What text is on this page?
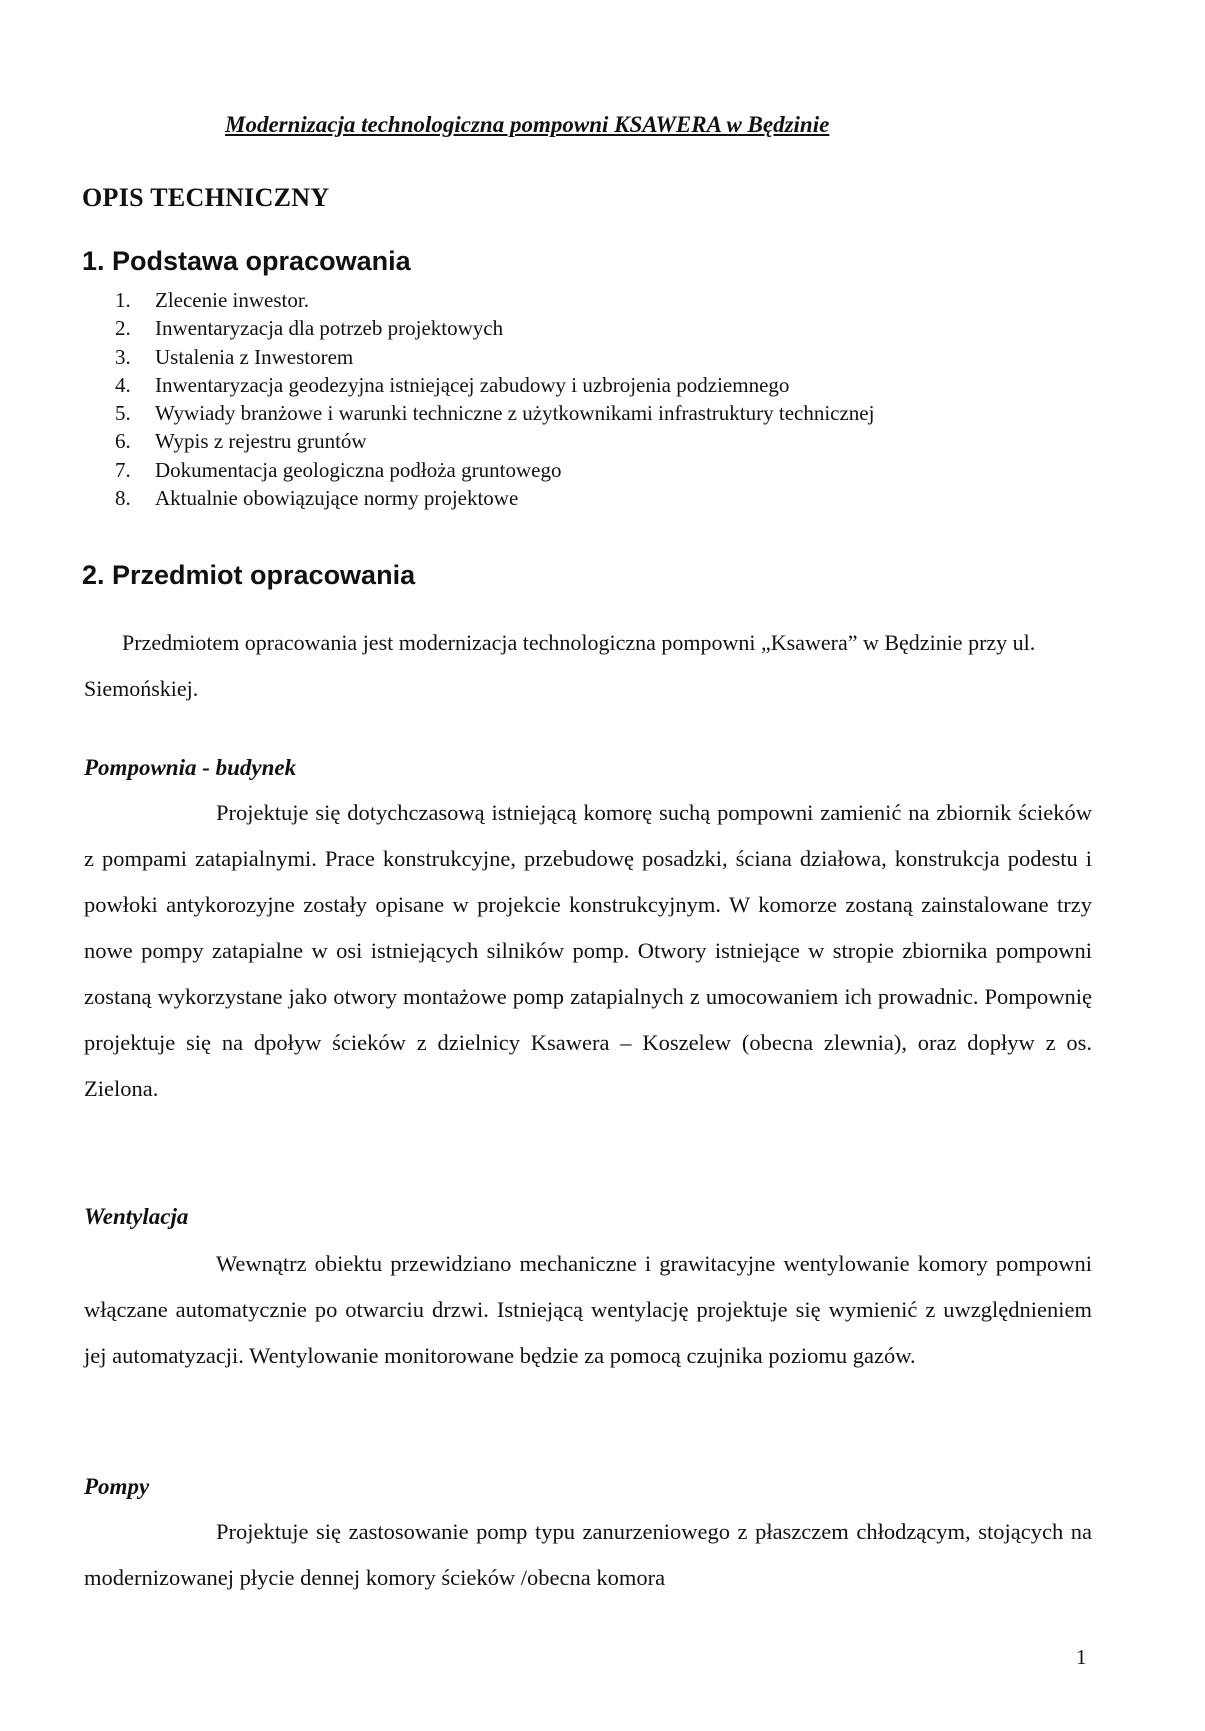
Modernizacja technologiczna pompowni KSAWERA w Będzinie
OPIS TECHNICZNY
1. Podstawa opracowania
1.	Zlecenie inwestor.
2.	Inwentaryzacja dla potrzeb projektowych
3.	Ustalenia z Inwestorem
4.	Inwentaryzacja geodezyjna istniejącej zabudowy i uzbrojenia podziemnego
5.	Wywiady branżowe i warunki techniczne z użytkownikami infrastruktury technicznej
6.	Wypis z rejestru gruntów
7.	Dokumentacja geologiczna podłoża gruntowego
8.	Aktualnie obowiązujące normy projektowe
2. Przedmiot opracowania

Przedmiotem opracowania jest modernizacja technologiczna pompowni „Ksawera” w Będzinie przy ul. Siemońskiej.

Pompownia - budynek

Projektuje się dotychczasową istniejącą komorę suchą pompowni zamienić na zbiornik ścieków z pompami zatapialnymi. Prace konstrukcyjne, przebudowę posadzki, ściana działowa, konstrukcja podestu i powłoki antykorozyjne zostały opisane w projekcie konstrukcyjnym. W komorze zostaną zainstalowane trzy nowe pompy zatapialne w osi istniejących silników pomp. Otwory istniejące w stropie zbiornika pompowni zostaną wykorzystane jako otwory montażowe pomp zatapialnych z umocowaniem ich prowadnic. Pompownię projektuje się na dpoływ ścieków z dzielnicy Ksawera – Koszelew (obecna zlewnia), oraz dopływ z os. Zielona.

Wentylacja

Wewnątrz obiektu przewidziano mechaniczne i grawitacyjne wentylowanie komory pompowni włączane automatycznie po otwarciu drzwi. Istniejącą wentylację projektuje się wymienić z uwzględnieniem jej automatyzacji. Wentylowanie monitorowane będzie za pomocą czujnika poziomu gazów.

Pompy

Projektuje się zastosowanie pomp typu zanurzeniowego z płaszczem chłodzącym, stojących na modernizowanej płycie dennej komory ścieków /obecna komora

1
